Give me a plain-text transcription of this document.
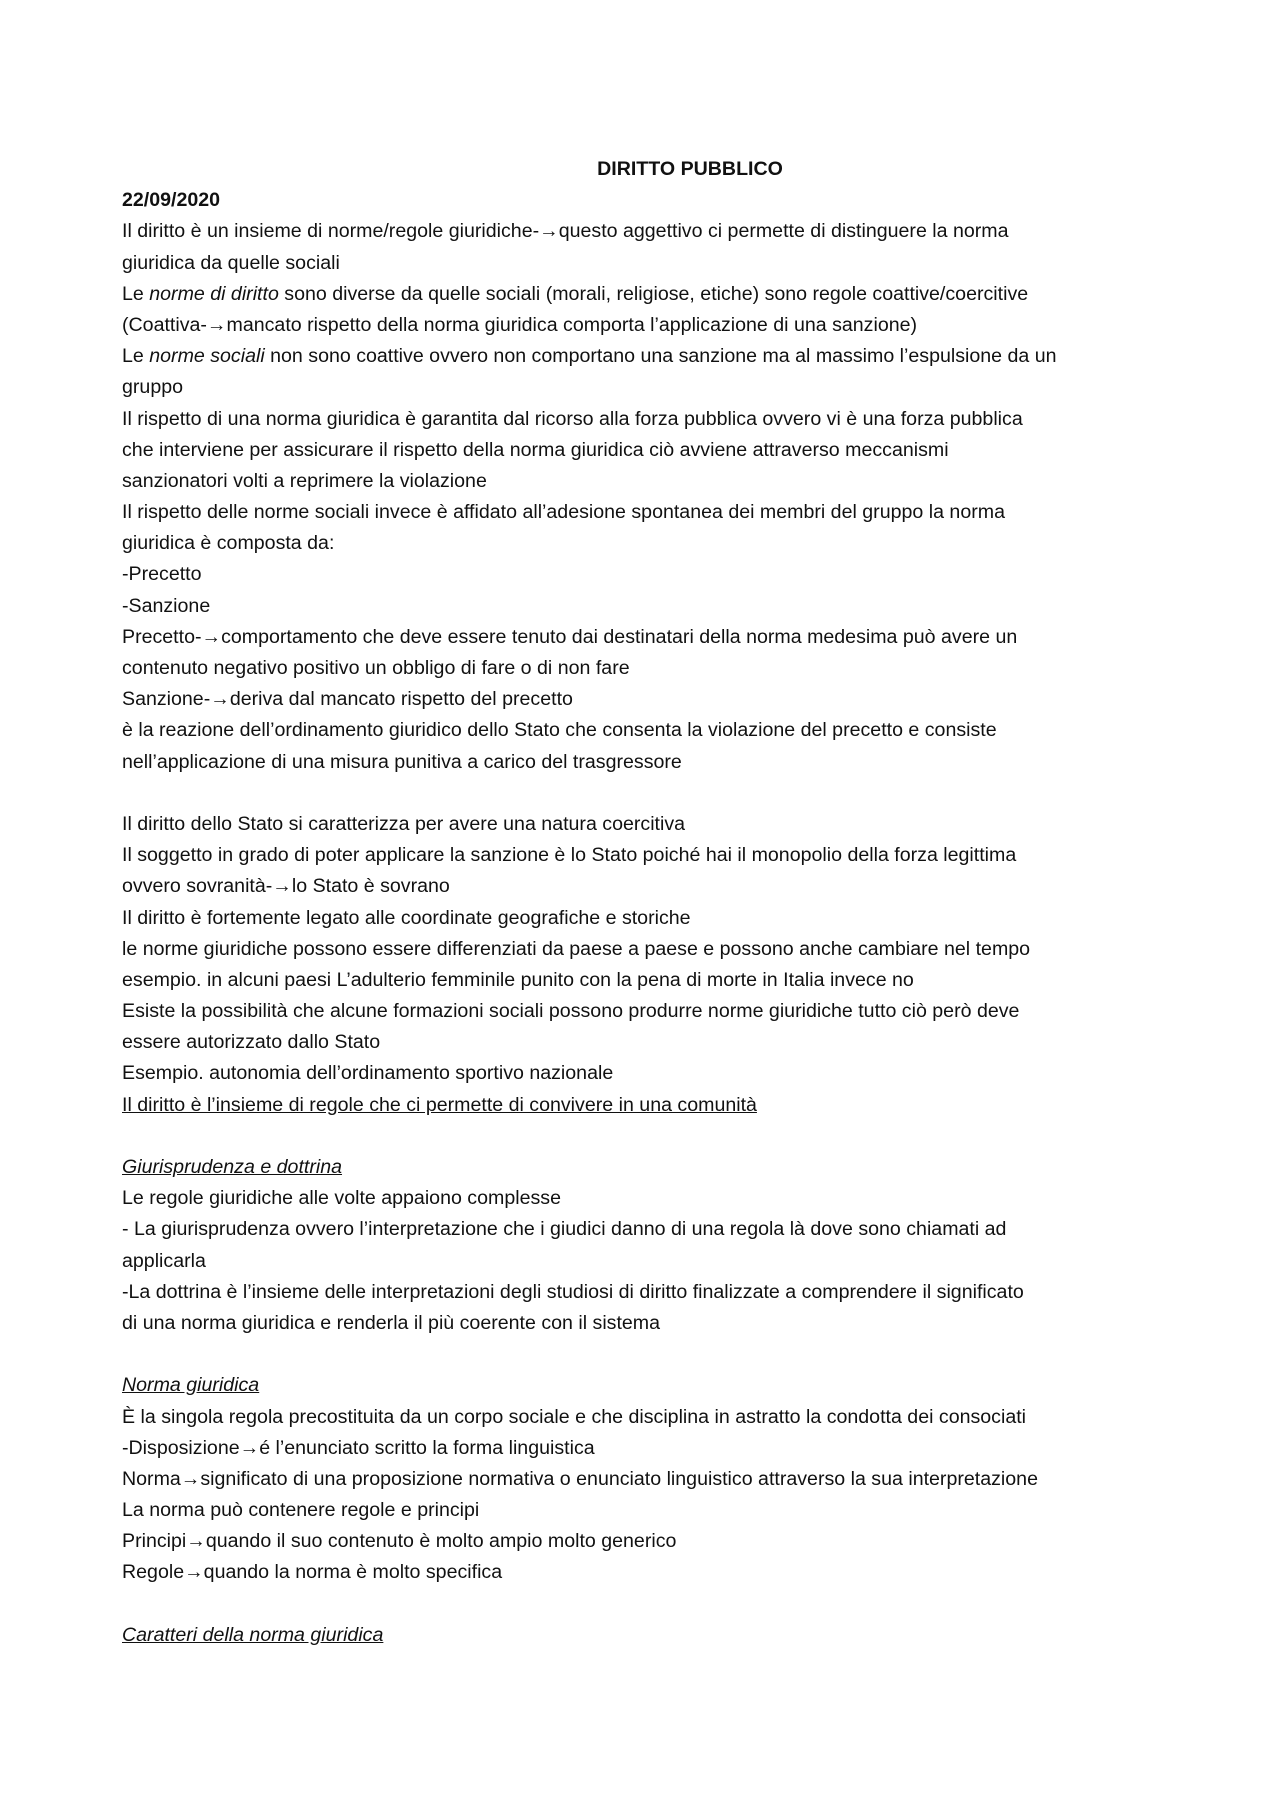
DIRITTO PUBBLICO
22/09/2020
Il diritto è un insieme di norme/regole giuridiche-→questo aggettivo ci permette di distinguere la norma
giuridica da quelle sociali
Le norme di diritto sono diverse da quelle sociali (morali, religiose, etiche) sono regole coattive/coercitive
(Coattiva-→mancato rispetto della norma giuridica comporta l’applicazione di una sanzione)
Le norme sociali non sono coattive ovvero non comportano una sanzione ma al massimo l’espulsione da un
gruppo
Il rispetto di una norma giuridica è garantita dal ricorso alla forza pubblica ovvero vi è una forza pubblica
che interviene per assicurare il rispetto della norma giuridica ciò avviene attraverso meccanismi
sanzionatori volti a reprimere la violazione
Il rispetto delle norme sociali invece è affidato all’adesione spontanea dei membri del gruppo la norma
giuridica è composta da:
-Precetto
-Sanzione
Precetto-→comportamento che deve essere tenuto dai destinatari della norma medesima può avere un
contenuto negativo positivo un obbligo di fare o di non fare
Sanzione-→deriva dal mancato rispetto del precetto
è la reazione dell’ordinamento giuridico dello Stato che consenta la violazione del precetto e consiste
nell’applicazione di una misura punitiva a carico del trasgressore
Il diritto dello Stato si caratterizza per avere una natura coercitiva
Il soggetto in grado di poter applicare la sanzione è lo Stato poiché hai il monopolio della forza legittima
ovvero sovranità-→lo Stato è sovrano
Il diritto è fortemente legato alle coordinate geografiche e storiche
le norme giuridiche possono essere differenziati da paese a paese e possono anche cambiare nel tempo
esempio. in alcuni paesi L’adulterio femminile punito con la pena di morte in Italia invece no
Esiste la possibilità che alcune formazioni sociali possono produrre norme giuridiche tutto ciò però deve
essere autorizzato dallo Stato
Esempio. autonomia dell’ordinamento sportivo nazionale
Il diritto è l’insieme di regole che ci permette di convivere in una comunità
Giurisprudenza e dottrina
Le regole giuridiche alle volte appaiono complesse
- La giurisprudenza ovvero l’interpretazione che i giudici danno di una regola là dove sono chiamati ad
applicarla
-La dottrina è l’insieme delle interpretazioni degli studiosi di diritto finalizzate a comprendere il significato
di una norma giuridica e renderla il più coerente con il sistema
Norma giuridica
È la singola regola precostituita da un corpo sociale e che disciplina in astratto la condotta dei consociati
-Disposizione→é l’enunciato scritto la forma linguistica
Norma→significato di una proposizione normativa o enunciato linguistico attraverso la sua interpretazione
La norma può contenere regole e principi
Principi→quando il suo contenuto è molto ampio molto generico
Regole→quando la norma è molto specifica
Caratteri della norma giuridica
